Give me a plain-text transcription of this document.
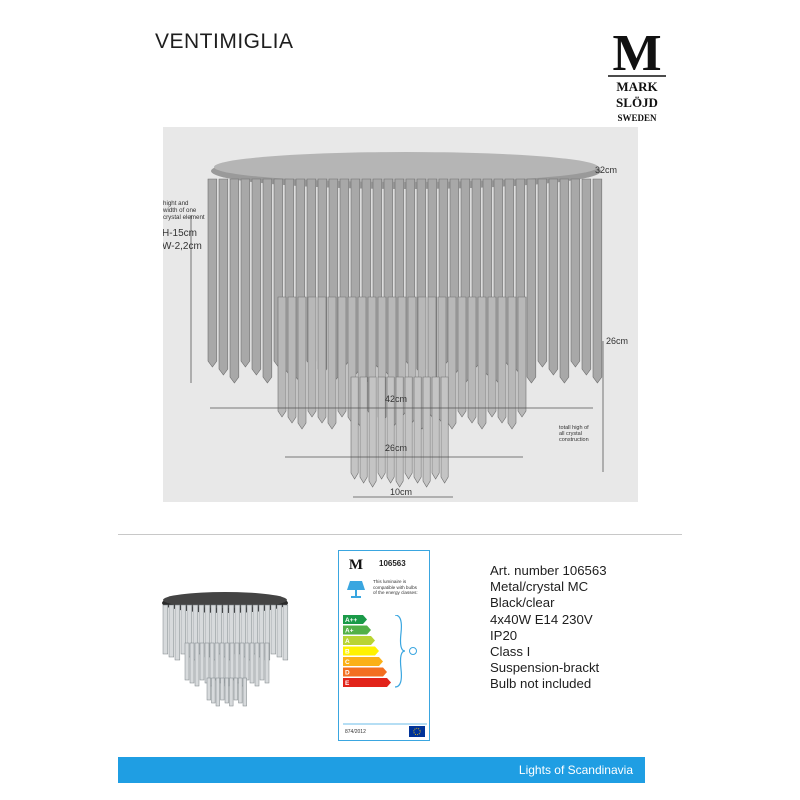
VENTIMIGLIA	M
MARK
SLÖJD
SWEDEN
hight and
width of one
crystal element
H-15cm
W-2,2cm
32cm
26cm
42cm
26cm
10cm
totall high of
all crystal
construction
M 106563
This luminaire is
compatible with bulbs
of the energy classes:
A++
A+
A
B
C
D
E
874/2012
Art. number 106563
Metal/crystal MC
Black/clear
4x40W E14 230V
IP20
Class I
Suspension-brackt
Bulb not included
Lights of Scandinavia
